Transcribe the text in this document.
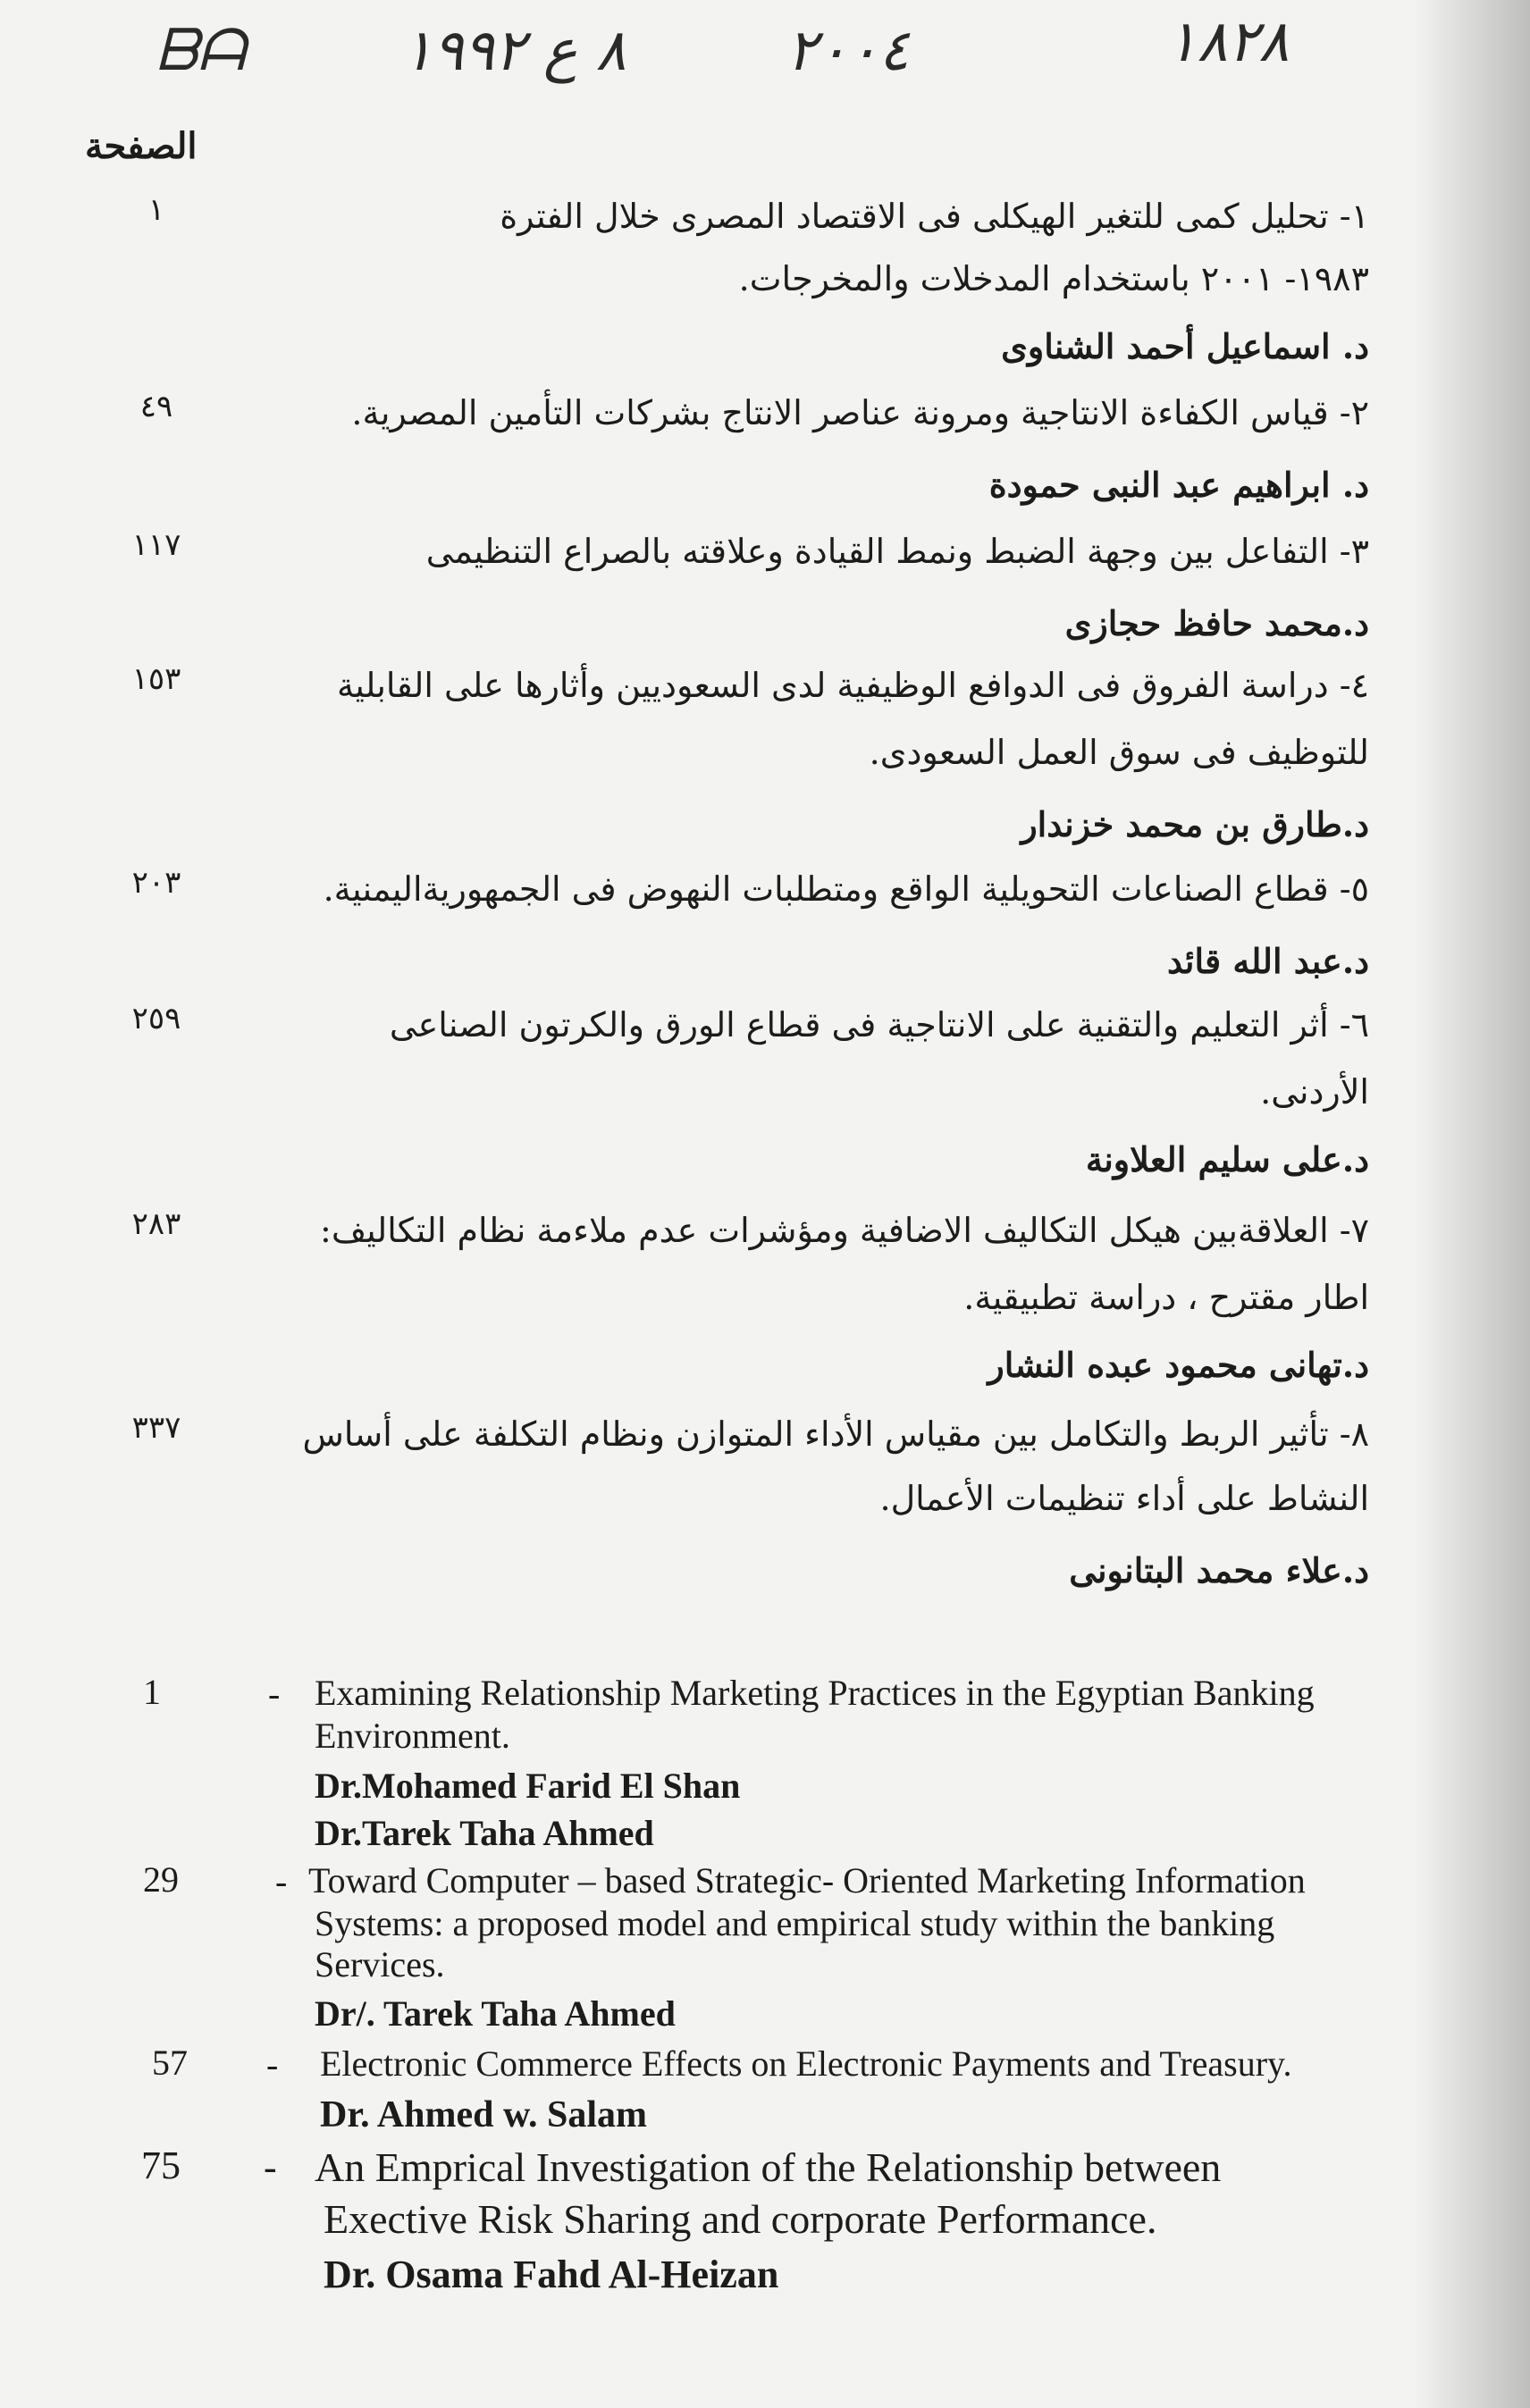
ᗷᗩ	٨ ع ١٩٩٢	٢٠٠٤	١٨٢٨
الصفحة
١	١- تحليل كمى للتغير الهيكلى فى الاقتصاد المصرى خلال الفترة
١٩٨٣- ٢٠٠١ باستخدام المدخلات والمخرجات.
د. اسماعيل أحمد الشناوى
٤٩	٢- قياس الكفاءة الانتاجية ومرونة عناصر الانتاج بشركات التأمين المصرية.
د. ابراهيم عبد النبى حمودة
١١٧	٣- التفاعل بين وجهة الضبط ونمط القيادة وعلاقته بالصراع التنظيمى
د.محمد حافظ حجازى
١٥٣	٤- دراسة الفروق فى الدوافع الوظيفية لدى السعوديين وأثارها على القابلية
للتوظيف فى سوق العمل السعودى.
د.طارق بن محمد خزندار
٢٠٣	٥- قطاع الصناعات التحويلية الواقع ومتطلبات النهوض فى الجمهوريةاليمنية.
د.عبد الله قائد
٢٥٩	٦- أثر التعليم والتقنية على الانتاجية فى قطاع الورق والكرتون الصناعى
الأردنى.
د.على سليم العلاونة
٢٨٣	٧- العلاقةبين هيكل التكاليف الاضافية ومؤشرات عدم ملاءمة نظام التكاليف:
اطار مقترح ، دراسة تطبيقية.
د.تهانى محمود عبده النشار
٣٣٧	٨- تأثير الربط والتكامل بين مقياس الأداء المتوازن ونظام التكلفة على أساس
النشاط على أداء تنظيمات الأعمال.
د.علاء محمد البتانونى
1	- Examining Relationship Marketing Practices in the Egyptian Banking
Environment.
Dr.Mohamed Farid El Shan
Dr.Tarek Taha Ahmed
29	- Toward Computer – based Strategic- Oriented Marketing Information
Systems: a proposed model and empirical study within the banking
Services.
Dr/. Tarek Taha Ahmed
57 - Electronic Commerce Effects on Electronic Payments and Treasury.
Dr. Ahmed w. Salam
75 - An Emprical Investigation of the Relationship between
Exective Risk Sharing and corporate Performance.
Dr. Osama Fahd Al-Heizan
